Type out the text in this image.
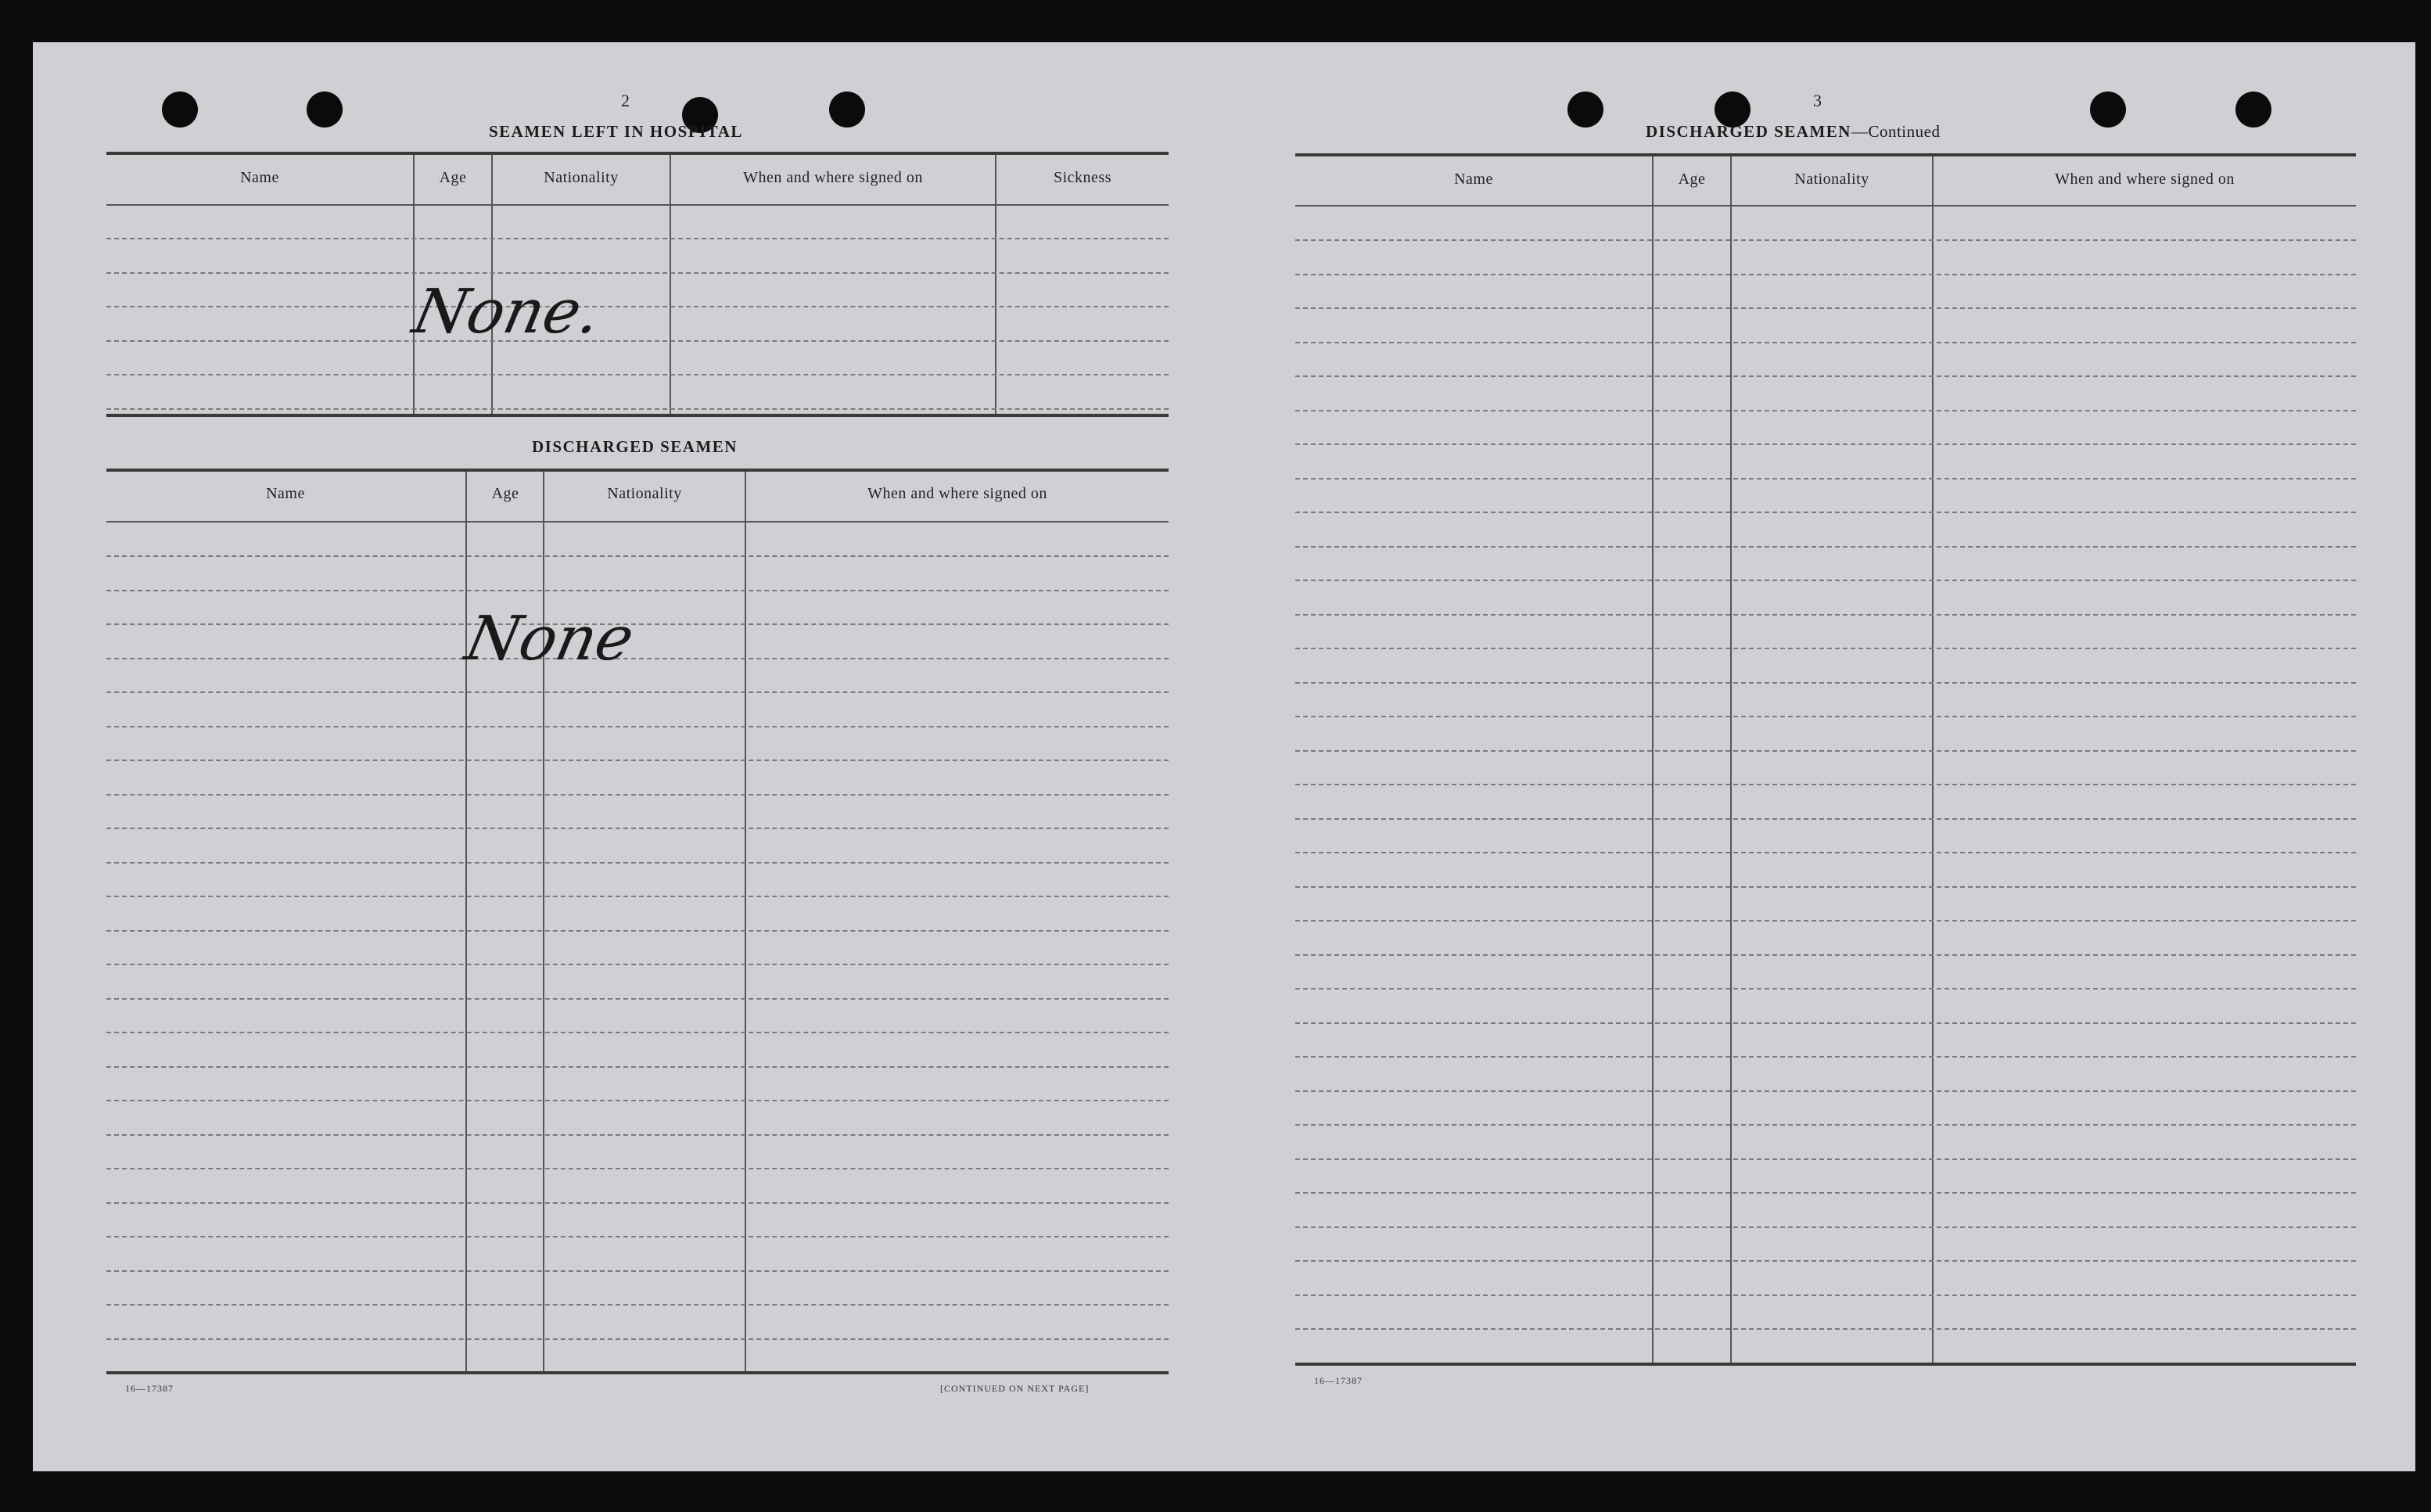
2
SEAMEN LEFT IN HOSPITAL
Name	Age	Nationality	When and where signed on	Sickness
None.
DISCHARGED SEAMEN
Name	Age	Nationality	When and where signed on
None
16—17387	[CONTINUED ON NEXT PAGE]
3
DISCHARGED SEAMEN—Continued
Name	Age	Nationality	When and where signed on
16—17387
